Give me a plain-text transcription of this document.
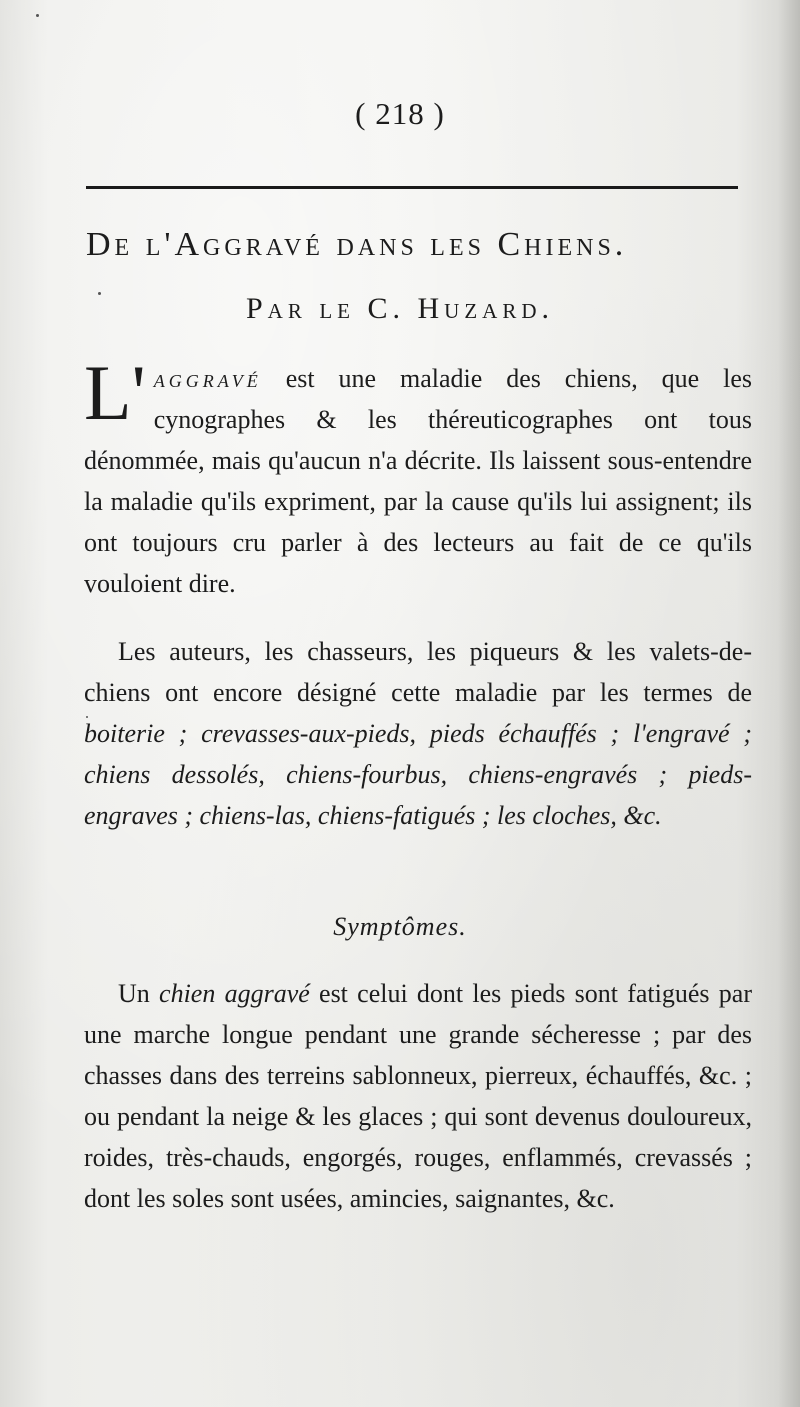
( 218 )
De l'Aggravé dans les Chiens.
Par le C. Huzard.
L' aggravé est une maladie des chiens, que les cynographes & les théreuticographes ont tous dénommée, mais qu'aucun n'a décrite. Ils laissent sous-entendre la maladie qu'ils expriment, par la cause qu'ils lui assignent; ils ont toujours cru parler à des lecteurs au fait de ce qu'ils vouloient dire.
Les auteurs, les chasseurs, les piqueurs & les valets-de-chiens ont encore désigné cette maladie par les termes de boiterie ; crevasses-aux-pieds, pieds échauffés ; l'engravé ; chiens dessolés, chiens-fourbus, chiens-engravés ; pieds-engraves ; chiens-las, chiens-fatigués ; les cloches, &c.
Symptômes.
Un chien aggravé est celui dont les pieds sont fatigués par une marche longue pendant une grande sécheresse ; par des chasses dans des terreins sablonneux, pierreux, échauffés, &c. ; ou pendant la neige & les glaces ; qui sont devenus douloureux, roides, très-chauds, engorgés, rouges, enflammés, crevassés ; dont les soles sont usées, amincies, saignantes, &c.
